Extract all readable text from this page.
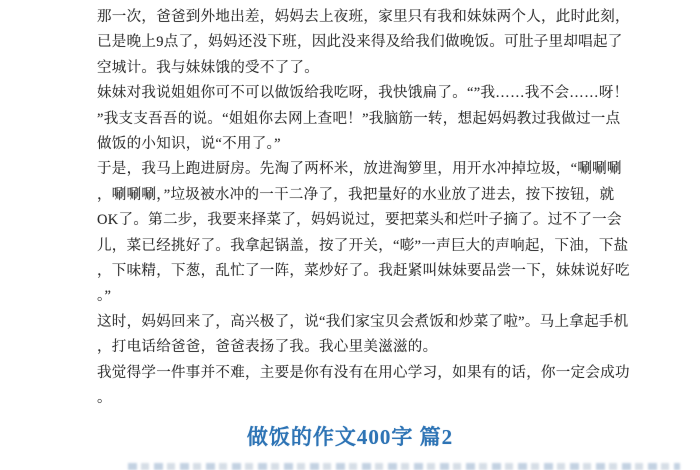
那一次，爸爸到外地出差，妈妈去上夜班，家里只有我和妹妹两个人，此时此刻，
已是晚上9点了，妈妈还没下班，因此没来得及给我们做晚饭。可肚子里却唱起了
空城计。我与妹妹饿的受不了了。
妹妹对我说姐姐你可不可以做饭给我吃呀，我快饿扁了。“”我……我不会……呀！
”我支支吾吾的说。“姐姐你去网上查吧！”我脑筋一转，想起妈妈教过我做过一点
做饭的小知识，说“不用了。”
于是，我马上跑进厨房。先淘了两杯米，放进淘箩里，用开水冲掉垃圾，“唰唰唰
，唰唰唰，”垃圾被水冲的一干二净了，我把量好的水业放了进去，按下按钮，就
OK了。第二步，我要来择菜了，妈妈说过，要把菜头和烂叶子摘了。过不了一会
儿，菜已经挑好了。我拿起锅盖，按了开关，“嘭”一声巨大的声响起，下油，下盐
，下味精，下葱，乱忙了一阵，菜炒好了。我赶紧叫妹妹要品尝一下，妹妹说好吃
。”
这时，妈妈回来了，高兴极了，说“我们家宝贝会煮饭和炒菜了啦”。马上拿起手机
，打电话给爸爸，爸爸表扬了我。我心里美滋滋的。
我觉得学一件事并不难，主要是你有没有在用心学习，如果有的话，你一定会成功
。
做饭的作文400字 篇2
